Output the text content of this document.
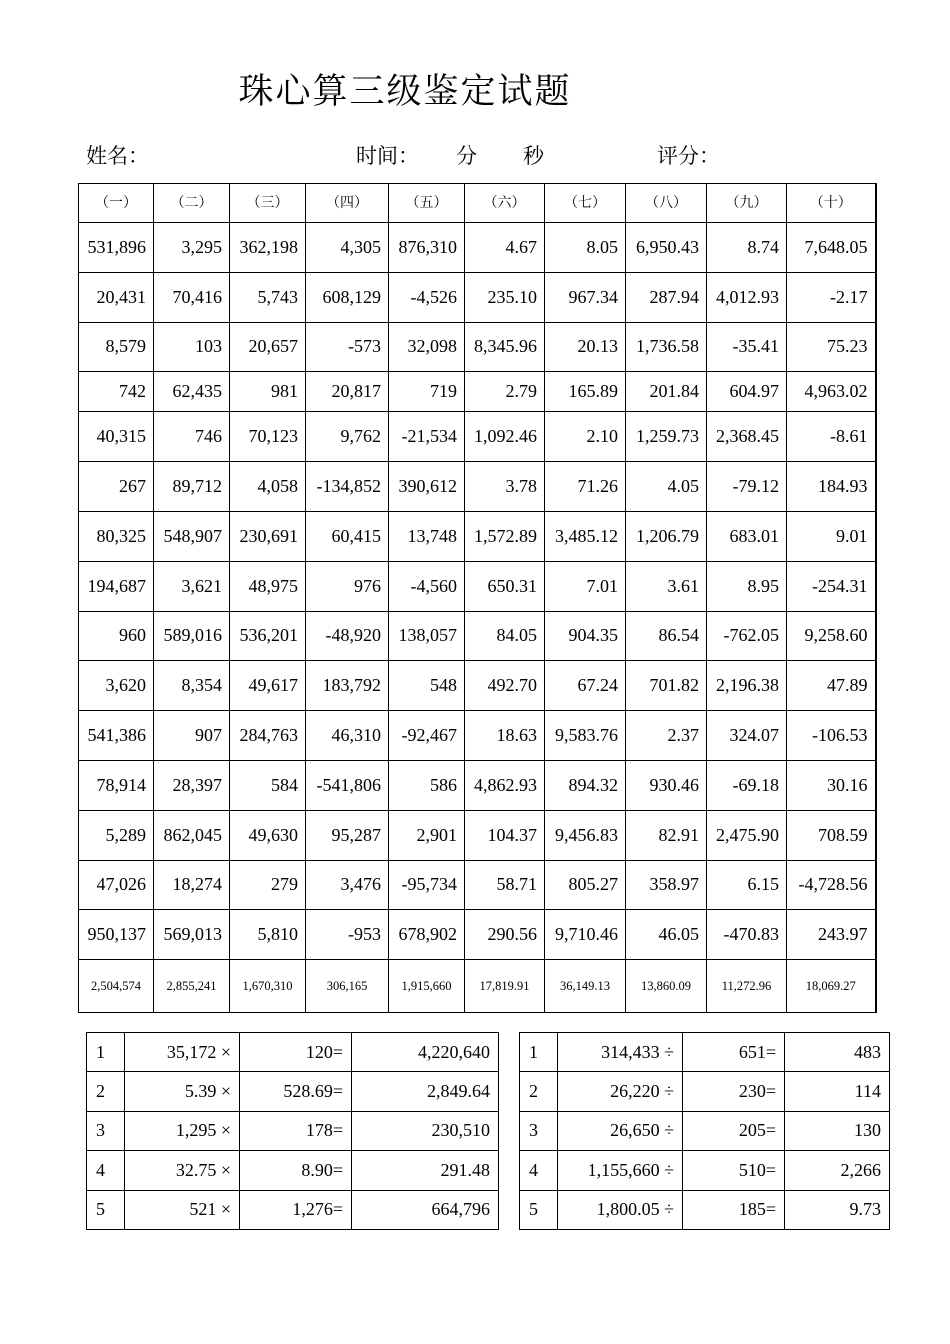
珠心算三级鉴定试题
姓名：	时间： 分 秒	评分：
（一）	（二）	（三）	（四）	（五）	（六）	（七）	（八）	（九）	（十）
531,896	3,295	362,198	4,305	876,310	4.67	8.05	6,950.43	8.74	7,648.05
20,431	70,416	5,743	608,129	-4,526	235.10	967.34	287.94	4,012.93	-2.17
8,579	103	20,657	-573	32,098	8,345.96	20.13	1,736.58	-35.41	75.23
742	62,435	981	20,817	719	2.79	165.89	201.84	604.97	4,963.02
40,315	746	70,123	9,762	-21,534	1,092.46	2.10	1,259.73	2,368.45	-8.61
267	89,712	4,058	-134,852	390,612	3.78	71.26	4.05	-79.12	184.93
80,325	548,907	230,691	60,415	13,748	1,572.89	3,485.12	1,206.79	683.01	9.01
194,687	3,621	48,975	976	-4,560	650.31	7.01	3.61	8.95	-254.31
960	589,016	536,201	-48,920	138,057	84.05	904.35	86.54	-762.05	9,258.60
3,620	8,354	49,617	183,792	548	492.70	67.24	701.82	2,196.38	47.89
541,386	907	284,763	46,310	-92,467	18.63	9,583.76	2.37	324.07	-106.53
78,914	28,397	584	-541,806	586	4,862.93	894.32	930.46	-69.18	30.16
5,289	862,045	49,630	95,287	2,901	104.37	9,456.83	82.91	2,475.90	708.59
47,026	18,274	279	3,476	-95,734	58.71	805.27	358.97	6.15	-4,728.56
950,137	569,013	5,810	-953	678,902	290.56	9,710.46	46.05	-470.83	243.97
2,504,574	2,855,241	1,670,310	306,165	1,915,660	17,819.91	36,149.13	13,860.09	11,272.96	18,069.27
1	35,172 ×	120=	4,220,640
2	5.39 ×	528.69=	2,849.64
3	1,295 ×	178=	230,510
4	32.75 ×	8.90=	291.48
5	521 ×	1,276=	664,796
1	314,433 ÷	651=	483
2	26,220 ÷	230=	114
3	26,650 ÷	205=	130
4	1,155,660 ÷	510=	2,266
5	1,800.05 ÷	185=	9.73
